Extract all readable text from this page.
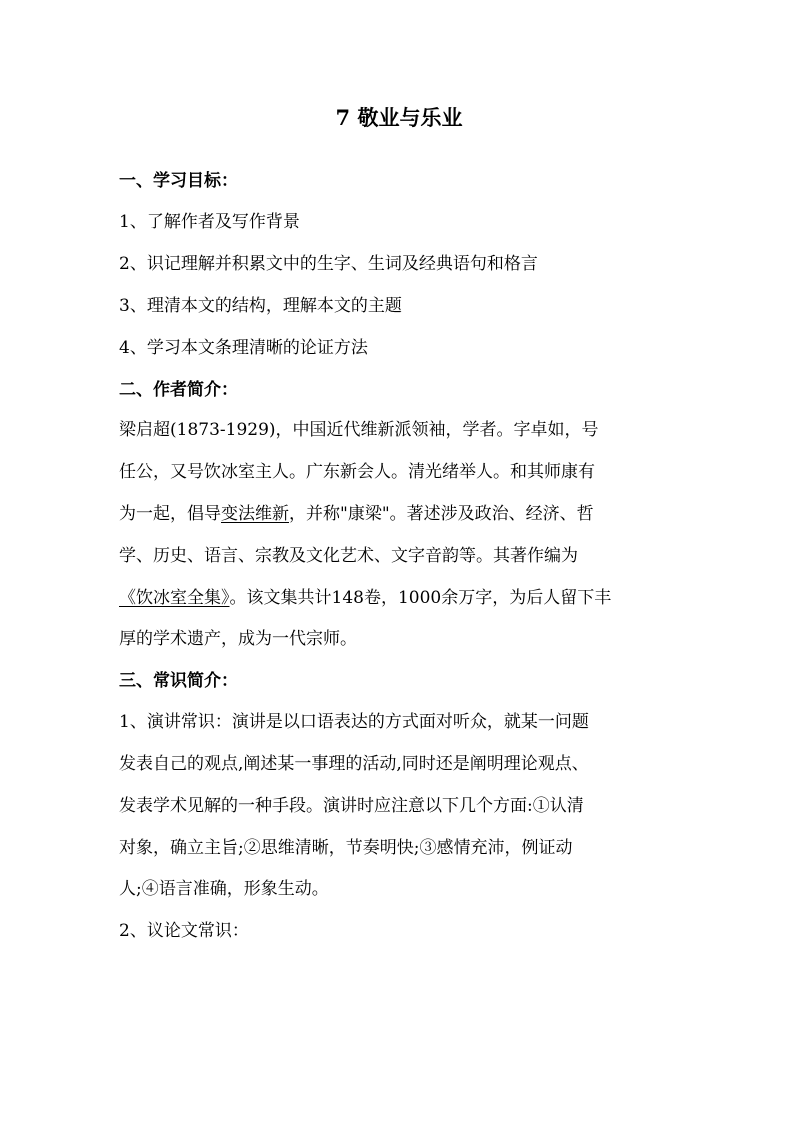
7 敬业与乐业
一、学习目标：
1、了解作者及写作背景
2、识记理解并积累文中的生字、生词及经典语句和格言
3、理清本文的结构，理解本文的主题
4、学习本文条理清晰的论证方法
二、作者简介：
梁启超(1873-1929)，中国近代维新派领袖，学者。字卓如，号
任公，又号饮冰室主人。广东新会人。清光绪举人。和其师康有
为一起，倡导变法维新，并称"康梁"。著述涉及政治、经济、哲
学、历史、语言、宗教及文化艺术、文字音韵等。其著作编为
《饮冰室全集》。该文集共计148卷，1000余万字，为后人留下丰
厚的学术遗产，成为一代宗师。
三、常识简介：
1、演讲常识：演讲是以口语表达的方式面对听众，就某一问题
发表自己的观点,阐述某一事理的活动,同时还是阐明理论观点、
发表学术见解的一种手段。演讲时应注意以下几个方面:①认清
对象，确立主旨;②思维清晰，节奏明快;③感情充沛，例证动
人;④语言准确，形象生动。
2、议论文常识：
